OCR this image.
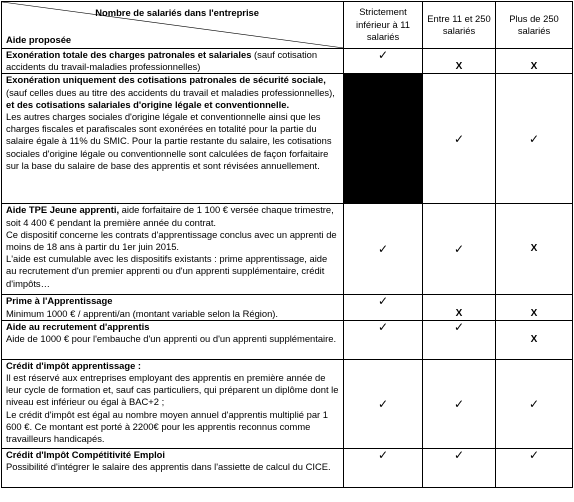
Nombre de salariés dans l'entreprise
Aide proposée	Strictement inférieur à 11 salariés	Entre 11 et 250 salariés	Plus de 250 salariés
Exonération totale des charges patronales et salariales (sauf cotisation accidents du travail-maladies professionnelles)	✓	X	X

Exonération uniquement des cotisations patronales de sécurité sociale, (sauf celles dues au titre des accidents du travail et maladies professionnelles), et des cotisations salariales d'origine légale et conventionnelle.
Les autres charges sociales d'origine légale et conventionnelle ainsi que les charges fiscales et parafiscales sont exonérées en totalité pour la partie du salaire égale à 11% du SMIC. Pour la partie restante du salaire, les cotisations sociales d'origine légale ou conventionnelle sont calculées de façon forfaitaire sur la base du salaire de base des apprentis et sont révisées annuellement.		✓	✓

Aide TPE Jeune apprenti, aide forfaitaire de 1 100 € versée chaque trimestre, soit 4 400 € pendant la première année du contrat.
Ce dispositif concerne les contrats d'apprentissage conclus avec un apprenti de moins de 18 ans à partir du 1er juin 2015.
L'aide est cumulable avec les dispositifs existants : prime apprentissage, aide au recrutement d'un premier apprenti ou d'un apprenti supplémentaire, crédit d'impôts…	✓	✓	X

Prime à l'Apprentissage
Minimum 1000 € / apprenti/an (montant variable selon la Région).	✓	X	X

Aide au recrutement d'apprentis
Aide de 1000 € pour l'embauche d'un apprenti ou d'un apprenti supplémentaire.	✓	✓	X

Crédit d'impôt apprentissage :
Il est réservé aux entreprises employant des apprentis en première année de leur cycle de formation et, sauf cas particuliers, qui préparent un diplôme dont le niveau est inférieur ou égal à BAC+2 ;
Le crédit d'impôt est égal au nombre moyen annuel d'apprentis multiplié par 1 600 €. Ce montant est porté à 2200€ pour les apprentis reconnus comme travailleurs handicapés.	✓	✓	✓

Crédit d'Impôt Compétitivité Emploi
Possibilité d'intégrer le salaire des apprentis dans l'assiette de calcul du CICE.	✓	✓	✓
